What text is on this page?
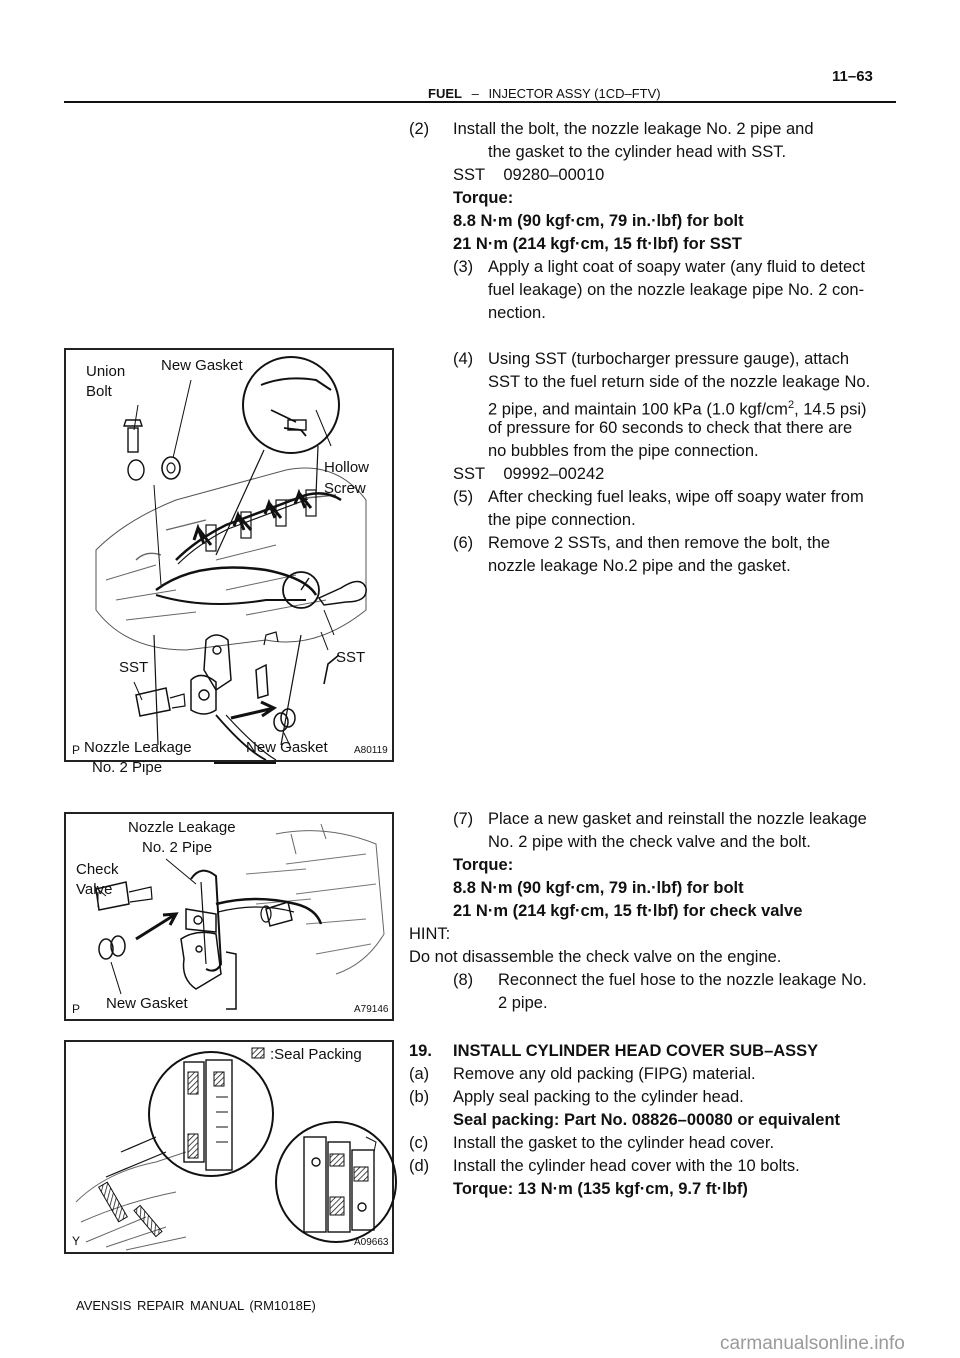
FUEL – INJECTOR ASSY (1CD–FTV)
11–63
(2) Install the bolt, the nozzle leakage No. 2 pipe and
the gasket to the cylinder head with SST.
SST 09280–00010
Torque:
8.8 N·m (90 kgf·cm, 79 in.·lbf) for bolt
21 N·m (214 kgf·cm, 15 ft·lbf) for SST
(3) Apply a light coat of soapy water (any fluid to detect
fuel leakage) on the nozzle leakage pipe No. 2 con-
nection.
(4) Using SST (turbocharger pressure gauge), attach
SST to the fuel return side of the nozzle leakage No.
2 pipe, and maintain 100 kPa (1.0 kgf/$cm^2$, 14.5 psi)
of pressure for 60 seconds to check that there are
no bubbles from the pipe connection.
SST 09992–00242
(5) After checking fuel leaks, wipe off soapy water from
the pipe connection.
(6) Remove 2 SSTs, and then remove the bolt, the
nozzle leakage No.2 pipe and the gasket.
(7) Place a new gasket and reinstall the nozzle leakage
No. 2 pipe with the check valve and the bolt.
Torque:
8.8 N·m (90 kgf·cm, 79 in.·lbf) for bolt
21 N·m (214 kgf·cm, 15 ft·lbf) for check valve
HINT:
Do not disassemble the check valve on the engine.
(8) Reconnect the fuel hose to the nozzle leakage No.
2 pipe.
19. INSTALL CYLINDER HEAD COVER SUB–ASSY
(a) Remove any old packing (FIPG) material.
(b) Apply seal packing to the cylinder head.
Seal packing: Part No. 08826–00080 or equivalent
(c) Install the gasket to the cylinder head cover.
(d) Install the cylinder head cover with the 10 bolts.
Torque: 13 N·m (135 kgf·cm, 9.7 ft·lbf)
Union
Bolt
New Gasket
Hollow
Screw
SST
SST
Nozzle Leakage
No. 2 Pipe
New Gasket
P	A80119
Nozzle Leakage
No. 2 Pipe
Check
Valve
New Gasket
P	A79146
:Seal Packing
Y	A09663
AVENSIS REPAIR MANUAL (RM1018E)
carmanualsonline.info
